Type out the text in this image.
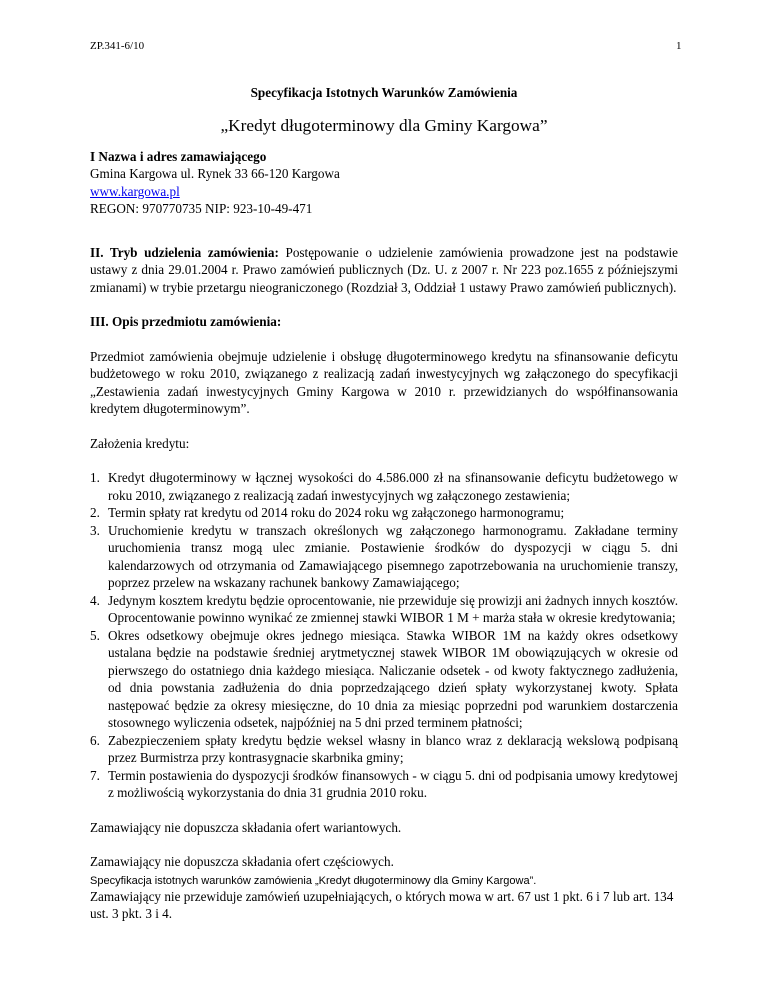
ZP.341-6/10	1

Specyfikacja Istotnych Warunków Zamówienia

„Kredyt długoterminowy dla Gminy Kargowa”

I Nazwa i adres zamawiającego

Gmina Kargowa ul. Rynek 33 66-120 Kargowa

www.kargowa.pl

REGON: 970770735 NIP: 923-10-49-471

II. Tryb udzielenia zamówienia: Postępowanie o udzielenie zamówienia prowadzone jest na podstawie ustawy z dnia 29.01.2004 r. Prawo zamówień publicznych (Dz. U. z 2007 r. Nr 223 poz.1655 z późniejszymi zmianami) w trybie przetargu nieograniczonego (Rozdział 3, Oddział 1 ustawy Prawo zamówień publicznych).

III. Opis przedmiotu zamówienia:

Przedmiot zamówienia obejmuje udzielenie i obsługę długoterminowego kredytu na sfinansowanie deficytu budżetowego w roku 2010, związanego z realizacją zadań inwestycyjnych wg załączonego do specyfikacji „Zestawienia zadań inwestycyjnych Gminy Kargowa w 2010 r. przewidzianych do współfinansowania kredytem długoterminowym”.

Założenia kredytu:

1. Kredyt długoterminowy w łącznej wysokości do 4.586.000 zł na sfinansowanie deficytu budżetowego w roku 2010, związanego z realizacją zadań inwestycyjnych wg załączonego zestawienia;
2. Termin spłaty rat kredytu od 2014 roku do 2024 roku wg załączonego harmonogramu;
3. Uruchomienie kredytu w transzach określonych wg załączonego harmonogramu. Zakładane terminy uruchomienia transz mogą ulec zmianie. Postawienie środków do dyspozycji w ciągu 5. dni kalendarzowych od otrzymania od Zamawiającego pisemnego zapotrzebowania na uruchomienie transzy, poprzez przelew na wskazany rachunek bankowy Zamawiającego;
4. Jedynym kosztem kredytu będzie oprocentowanie, nie przewiduje się prowizji ani żadnych innych kosztów. Oprocentowanie powinno wynikać ze zmiennej stawki WIBOR 1 M + marża stała w okresie kredytowania;
5. Okres odsetkowy obejmuje okres jednego miesiąca. Stawka WIBOR 1M na każdy okres odsetkowy ustalana będzie na podstawie średniej arytmetycznej stawek WIBOR 1M obowiązujących w okresie od pierwszego do ostatniego dnia każdego miesiąca. Naliczanie odsetek - od kwoty faktycznego zadłużenia, od dnia powstania zadłużenia do dnia poprzedzającego dzień spłaty wykorzystanej kwoty. Spłata następować będzie za okresy miesięczne, do 10 dnia za miesiąc poprzedni pod warunkiem dostarczenia stosownego wyliczenia odsetek, najpóźniej na 5 dni przed terminem płatności;
6. Zabezpieczeniem spłaty kredytu będzie weksel własny in blanco wraz z deklaracją wekslową podpisaną przez Burmistrza przy kontrasygnacie skarbnika gminy;
7. Termin postawienia do dyspozycji środków finansowych - w ciągu 5. dni od podpisania umowy kredytowej z możliwością wykorzystania do dnia 31 grudnia 2010 roku.

Zamawiający nie dopuszcza składania ofert wariantowych.

Zamawiający nie dopuszcza składania ofert częściowych.

Zamawiający nie przewiduje zamówień uzupełniających, o których mowa w art. 67 ust 1 pkt. 6 i 7 lub art. 134 ust. 3 pkt. 3 i 4.

Specyfikacja istotnych warunków zamówienia „Kredyt długoterminowy dla Gminy Kargowa”.
